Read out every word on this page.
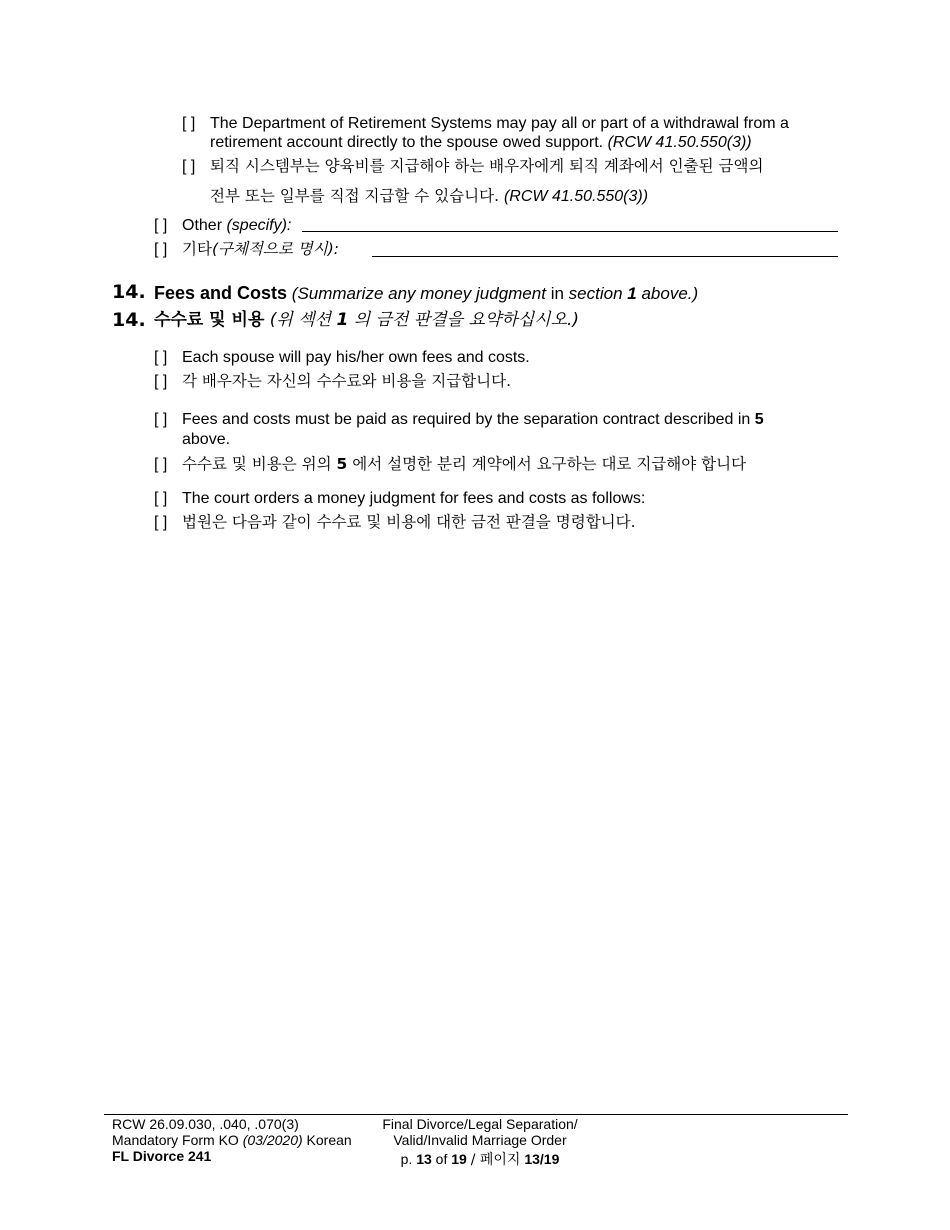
[ ] The Department of Retirement Systems may pay all or part of a withdrawal from a
retirement account directly to the spouse owed support. (RCW 41.50.550(3))
[ ] 퇴직 시스템부는 양육비를 지급해야 하는 배우자에게 퇴직 계좌에서 인출된 금액의
전부 또는 일부를 직접 지급할 수 있습니다. (RCW 41.50.550(3))
[ ] Other (specify):
[ ] 기타(구체적으로 명시):
14. Fees and Costs (Summarize any money judgment in section 1 above.)
14. 수수료 및 비용 (위 섹션 1 의 금전 판결을 요약하십시오.)
[ ] Each spouse will pay his/her own fees and costs.
[ ] 각 배우자는 자신의 수수료와 비용을 지급합니다.
[ ] Fees and costs must be paid as required by the separation contract described in 5
above.
[ ] 수수료 및 비용은 위의 5 에서 설명한 분리 계약에서 요구하는 대로 지급해야 합니다
[ ] The court orders a money judgment for fees and costs as follows:
[ ] 법원은 다음과 같이 수수료 및 비용에 대한 금전 판결을 명령합니다.
RCW 26.09.030, .040, .070(3)
Mandatory Form KO (03/2020) Korean
FL Divorce 241
Final Divorce/Legal Separation/
Valid/Invalid Marriage Order
p. 13 of 19 / 페이지 13/19
